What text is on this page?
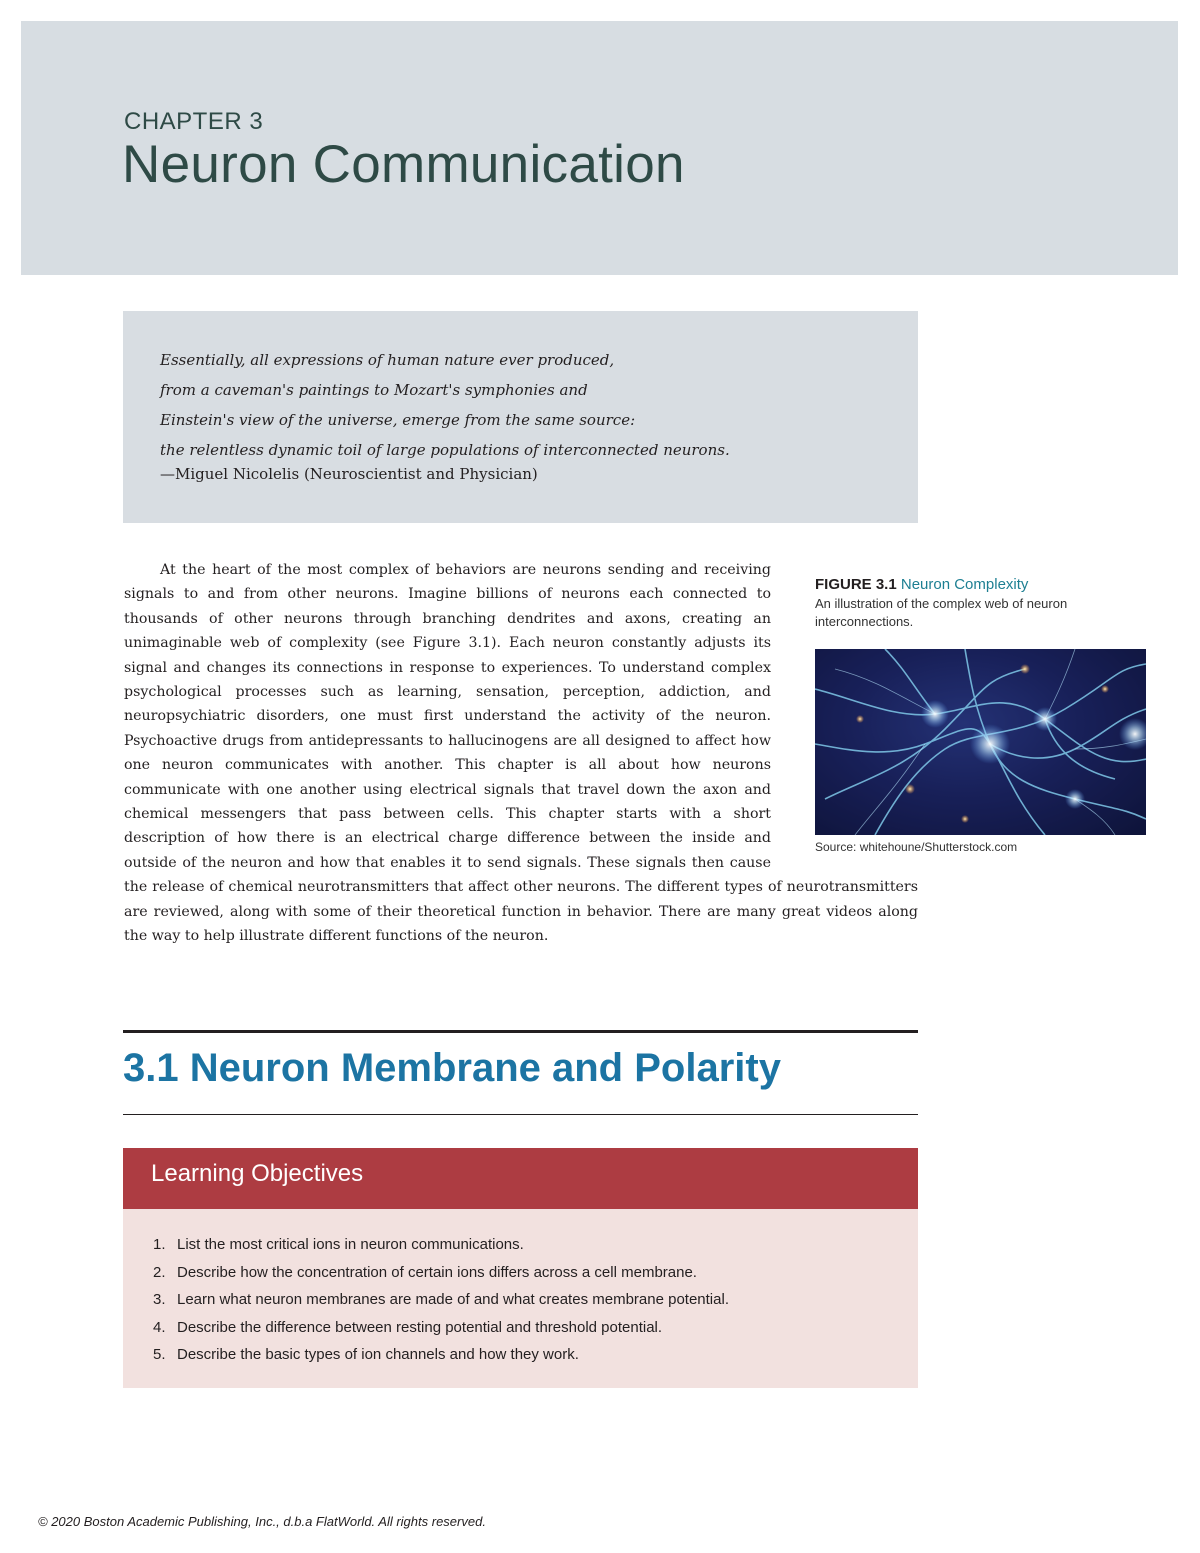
CHAPTER 3
Neuron Communication
Essentially, all expressions of human nature ever produced,
from a caveman's paintings to Mozart's symphonies and
Einstein's view of the universe, emerge from the same source:
the relentless dynamic toil of large populations of interconnected neurons.
—Miguel Nicolelis (Neuroscientist and Physician)
At the heart of the most complex of behaviors are neurons sending and receiving signals to and from other neurons. Imagine billions of neurons each connected to thousands of other neurons through branching dendrites and axons, creating an unimaginable web of complexity (see Figure 3.1). Each neuron constantly adjusts its signal and changes its connections in response to experiences. To understand complex psychological processes such as learning, sensation, perception, addiction, and neuropsychiatric disorders, one must first understand the activity of the neuron. Psychoactive drugs from antidepressants to hallucinogens are all designed to affect how one neuron communicates with another. This chapter is all about how neurons communicate with one another using electrical signals that travel down the axon and chemical messengers that pass between cells. This chapter starts with a short description of how there is an electrical charge difference between the inside and outside of the neuron and how that enables it to send signals. These signals then cause the release of chemical neurotransmitters that affect other neurons. The different types of neurotransmitters are reviewed, along with some of their theoretical function in behavior. There are many great videos along the way to help illustrate different functions of the neuron.
FIGURE 3.1 Neuron Complexity
An illustration of the complex web of neuron interconnections.
Source: whitehoune/Shutterstock.com
3.1 Neuron Membrane and Polarity
Learning Objectives
1. List the most critical ions in neuron communications.
2. Describe how the concentration of certain ions differs across a cell membrane.
3. Learn what neuron membranes are made of and what creates membrane potential.
4. Describe the difference between resting potential and threshold potential.
5. Describe the basic types of ion channels and how they work.
© 2020 Boston Academic Publishing, Inc., d.b.a FlatWorld. All rights reserved.
